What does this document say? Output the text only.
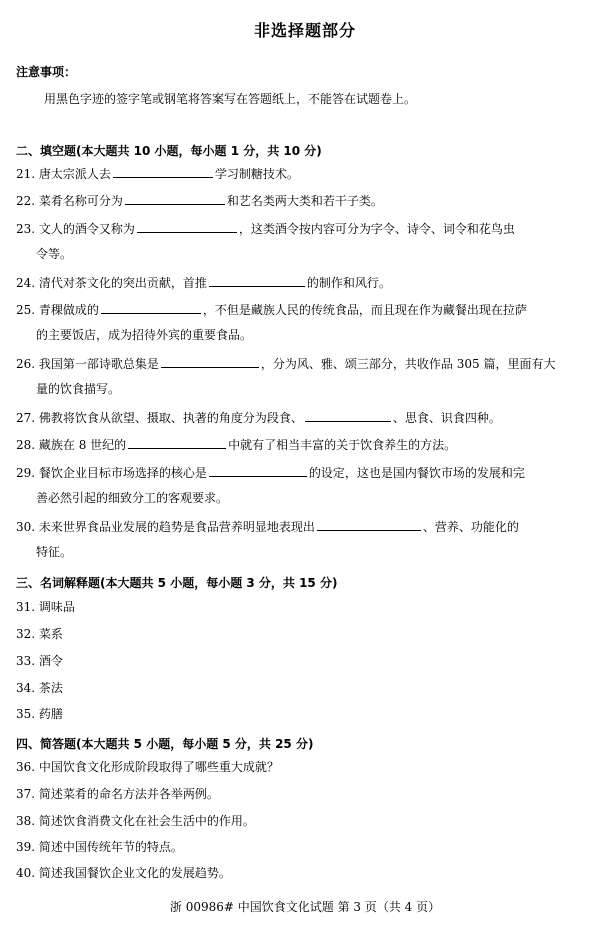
非选择题部分
注意事项：
用黑色字迹的签字笔或钢笔将答案写在答题纸上，不能答在试题卷上。
二、填空题(本大题共 10 小题，每小题 1 分，共 10 分)
21. 唐太宗派人去	学习制糖技术。
22. 菜肴名称可分为	和艺名类两大类和若干子类。
23. 文人的酒令又称为	，这类酒令按内容可分为字令、诗令、词令和花鸟虫
令等。
24. 清代对茶文化的突出贡献，首推	的制作和风行。
25. 青稞做成的	，不但是藏族人民的传统食品，而且现在作为藏餐出现在拉萨
的主要饭店，成为招待外宾的重要食品。
26. 我国第一部诗歌总集是	，分为风、雅、颂三部分，共收作品 305 篇，里面有大
量的饮食描写。
27. 佛教将饮食从欲望、摄取、执著的角度分为段食、	、思食、识食四种。
28. 藏族在 8 世纪的	中就有了相当丰富的关于饮食养生的方法。
29. 餐饮企业目标市场选择的核心是	的设定，这也是国内餐饮市场的发展和完
善必然引起的细致分工的客观要求。
30. 未来世界食品业发展的趋势是食品营养明显地表现出	、营养、功能化的
特征。
三、名词解释题(本大题共 5 小题，每小题 3 分，共 15 分)
31. 调味品
32. 菜系
33. 酒令
34. 茶法
35. 药膳
四、简答题(本大题共 5 小题，每小题 5 分，共 25 分)
36. 中国饮食文化形成阶段取得了哪些重大成就？
37. 简述菜肴的命名方法并各举两例。
38. 简述饮食消费文化在社会生活中的作用。
39. 简述中国传统年节的特点。
40. 简述我国餐饮企业文化的发展趋势。
浙 00986# 中国饮食文化试题 第 3 页（共 4 页）
